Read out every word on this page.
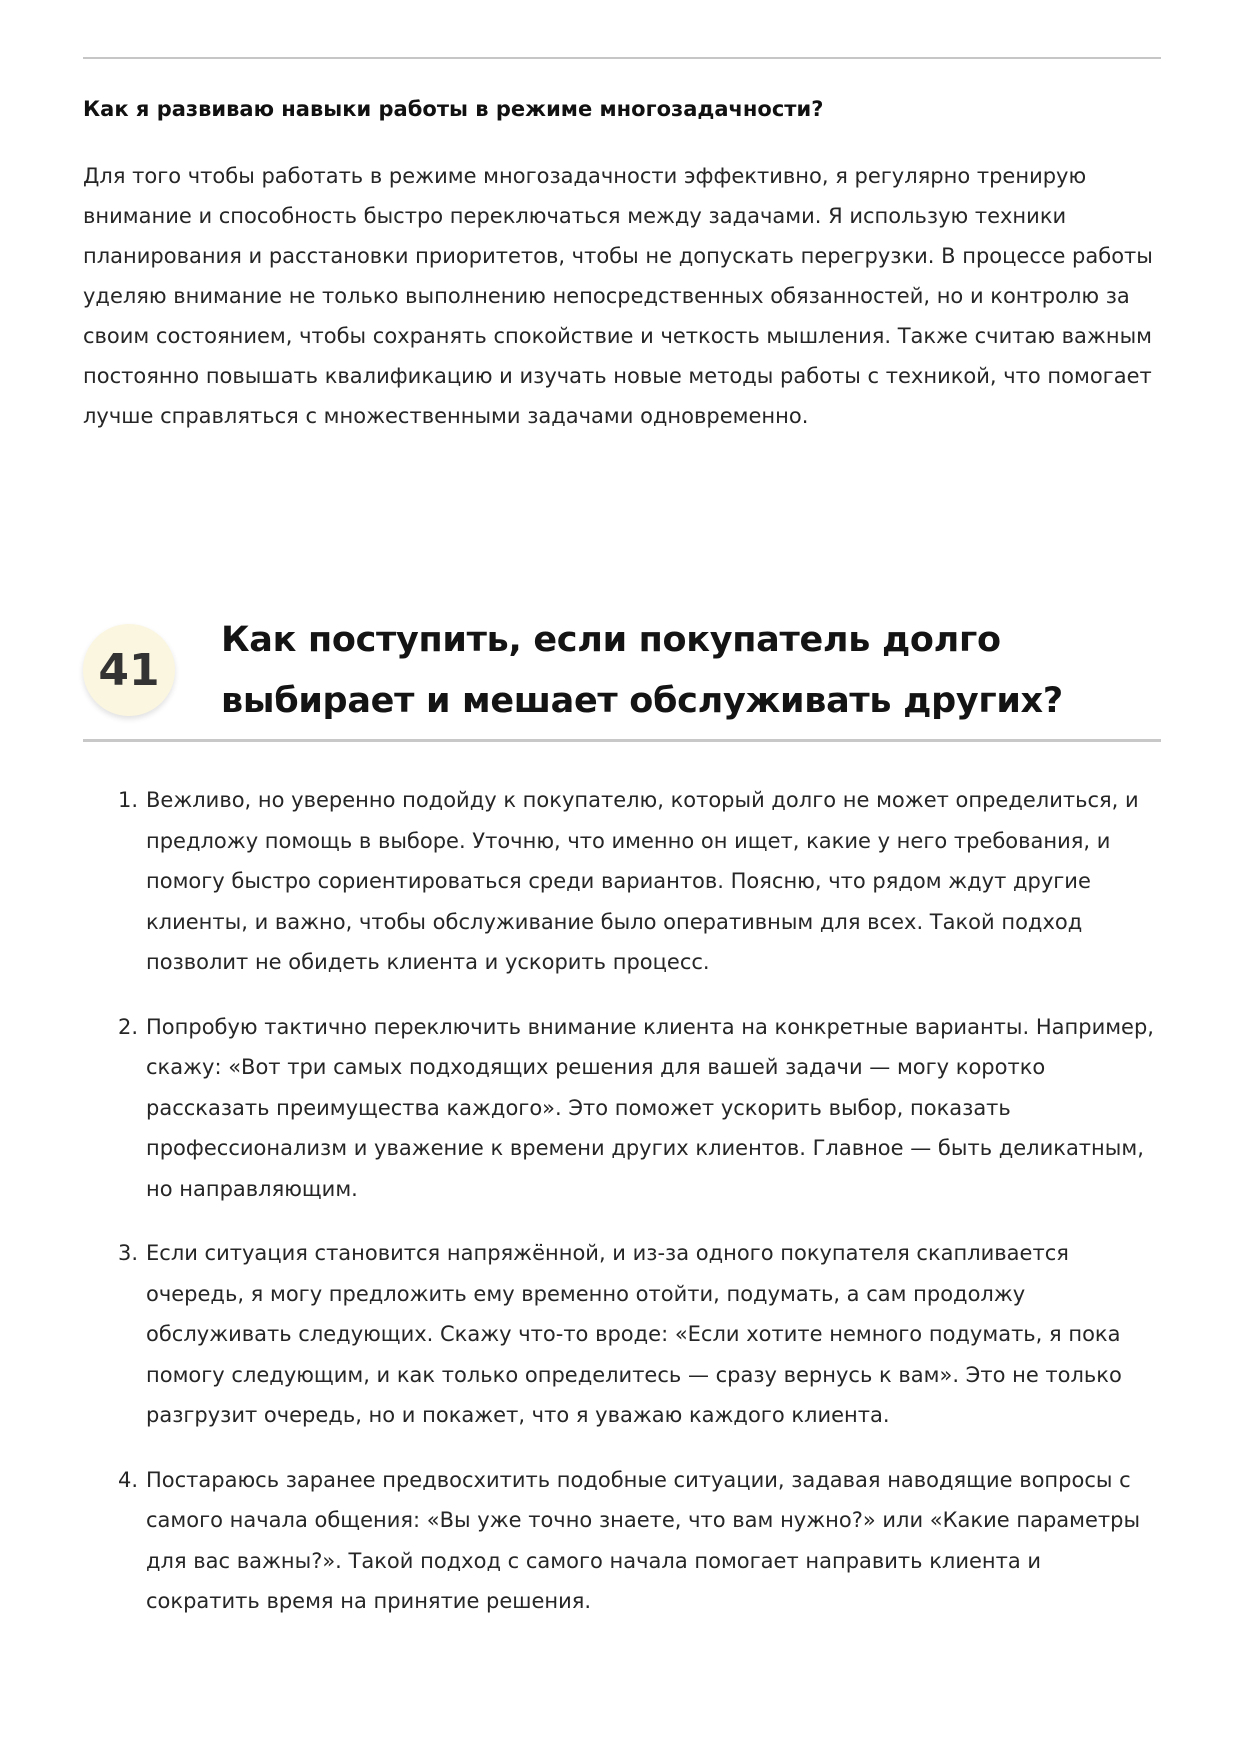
Как я развиваю навыки работы в режиме многозадачности?

Для того чтобы работать в режиме многозадачности эффективно, я регулярно тренирую внимание и способность быстро переключаться между задачами. Я использую техники планирования и расстановки приоритетов, чтобы не допускать перегрузки. В процессе работы уделяю внимание не только выполнению непосредственных обязанностей, но и контролю за своим состоянием, чтобы сохранять спокойствие и четкость мышления. Также считаю важным постоянно повышать квалификацию и изучать новые методы работы с техникой, что помогает лучше справляться с множественными задачами одновременно.

41
Как поступить, если покупатель долго выбирает и мешает обслуживать других?
1. Вежливо, но уверенно подойду к покупателю, который долго не может определиться, и предложу помощь в выборе. Уточню, что именно он ищет, какие у него требования, и помогу быстро сориентироваться среди вариантов. Поясню, что рядом ждут другие клиенты, и важно, чтобы обслуживание было оперативным для всех. Такой подход позволит не обидеть клиента и ускорить процесс.
2. Попробую тактично переключить внимание клиента на конкретные варианты. Например, скажу: «Вот три самых подходящих решения для вашей задачи — могу коротко рассказать преимущества каждого». Это поможет ускорить выбор, показать профессионализм и уважение к времени других клиентов. Главное — быть деликатным, но направляющим.
3. Если ситуация становится напряжённой, и из-за одного покупателя скапливается очередь, я могу предложить ему временно отойти, подумать, а сам продолжу обслуживать следующих. Скажу что-то вроде: «Если хотите немного подумать, я пока помогу следующим, и как только определитесь — сразу вернусь к вам». Это не только разгрузит очередь, но и покажет, что я уважаю каждого клиента.
4. Постараюсь заранее предвосхитить подобные ситуации, задавая наводящие вопросы с самого начала общения: «Вы уже точно знаете, что вам нужно?» или «Какие параметры для вас важны?». Такой подход с самого начала помогает направить клиента и сократить время на принятие решения.
